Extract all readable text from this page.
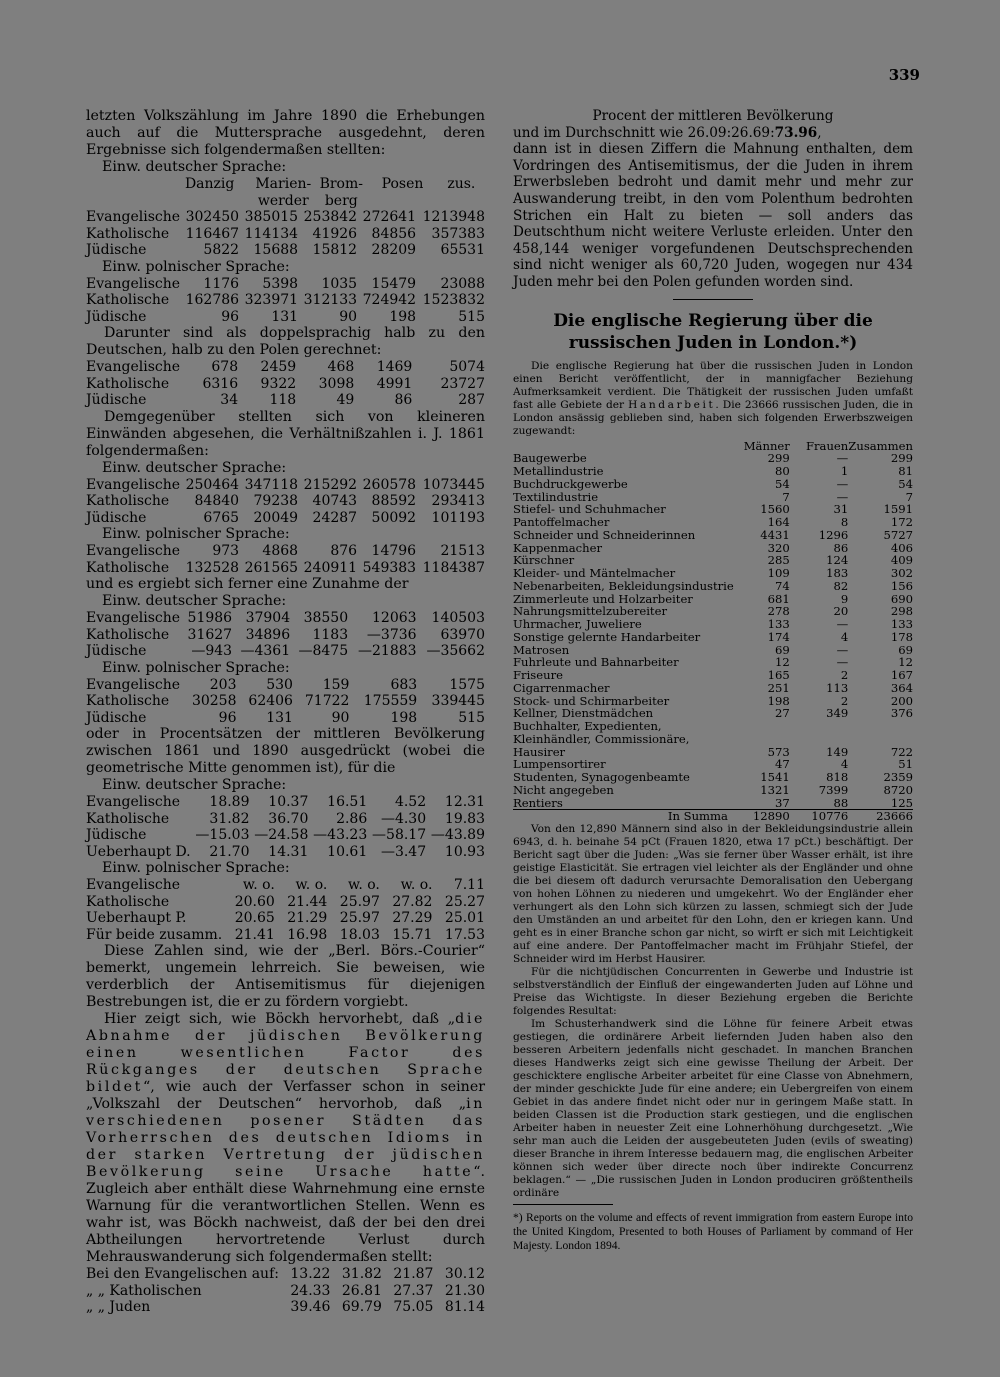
339

letzten Volkszählung im Jahre 1890 die Erhebungen auch auf die Muttersprache ausgedehnt, deren Ergebnisse sich folgendermaßen stellten:

Einw. deutscher Sprache:

	Danzig	Marien-werder	Brom-berg	Posen	zus.
Evangelische	302450	385015	253842	272641	1213948
Katholische	116467	114134	41926	84856	357383
Jüdische	5822	15688	15812	28209	65531

Einw. polnischer Sprache:

Evangelische	1176	5398	1035	15479	23088
Katholische	162786	323971	312133	724942	1523832
Jüdische	96	131	90	198	515

Darunter sind als doppelsprachig halb zu den Deutschen, halb zu den Polen gerechnet:

Evangelische	678	2459	468	1469	5074
Katholische	6316	9322	3098	4991	23727
Jüdische	34	118	49	86	287

Demgegenüber stellten sich von kleineren Einwänden abgesehen, die Verhältnißzahlen i. J. 1861 folgendermaßen:

Einw. deutscher Sprache:

Evangelische	250464	347118	215292	260578	1073445
Katholische	84840	79238	40743	88592	293413
Jüdische	6765	20049	24287	50092	101193

Einw. polnischer Sprache:

Evangelische	973	4868	876	14796	21513
Katholische	132528	261565	240911	549383	1184387

und es ergiebt sich ferner eine Zunahme der

Einw. deutscher Sprache:

Evangelische	51986	37904	38550	12063	140503
Katholische	31627	34896	1183	—3736	63970
Jüdische	—943	—4361	—8475	—21883	—35662

Einw. polnischer Sprache:

Evangelische	203	530	159	683	1575
Katholische	30258	62406	71722	175559	339445
Jüdische	96	131	90	198	515

oder in Procentsätzen der mittleren Bevölkerung zwischen 1861 und 1890 ausgedrückt (wobei die geometrische Mitte genommen ist), für die

Einw. deutscher Sprache:

Evangelische	18.89	10.37	16.51	4.52	12.31
Katholische	31.82	36.70	2.86	—4.30	19.83
Jüdische	—15.03	—24.58	—43.23	—58.17	—43.89
Ueberhaupt D.	21.70	14.31	10.61	—3.47	10.93

Einw. polnischer Sprache:

Evangelische	w. o.	w. o.	w. o.	w. o.	7.11
Katholische	20.60	21.44	25.97	27.82	25.27
Ueberhaupt P.	20.65	21.29	25.97	27.29	25.01
Für beide zusamm.	21.41	16.98	18.03	15.71	17.53

Diese Zahlen sind, wie der „Berl. Börs.-Courier“ bemerkt, ungemein lehrreich. Sie beweisen, wie verderblich der Antisemitismus für diejenigen Bestrebungen ist, die er zu fördern vorgiebt.

Hier zeigt sich, wie Böckh hervorhebt, daß „die Abnahme der jüdischen Bevölkerung einen wesentlichen Factor des Rückganges der deutschen Sprache bildet“, wie auch der Verfasser schon in seiner „Volkszahl der Deutschen“ hervorhob, daß „in verschiedenen posener Städten das Vorherrschen des deutschen Idioms in der starken Vertretung der jüdischen Bevölkerung seine Ursache hatte“. Zugleich aber enthält diese Wahrnehmung eine ernste Warnung für die verantwortlichen Stellen. Wenn es wahr ist, was Böckh nachweist, daß der bei den drei Abtheilungen hervortretende Verlust durch Mehrauswanderung sich folgendermaßen stellt:

Bei den Evangelischen auf:	13.22	31.82	21.87	30.12
„ „ Katholischen	24.33	26.81	27.37	21.30
„ „ Juden	39.46	69.79	75.05	81.14

Procent der mittleren Bevölkerung

und im Durchschnitt wie 26.09:26.69:73.96,

dann ist in diesen Ziffern die Mahnung enthalten, dem Vordringen des Antisemitismus, der die Juden in ihrem Erwerbsleben bedroht und damit mehr und mehr zur Auswanderung treibt, in den vom Polenthum bedrohten Strichen ein Halt zu bieten — soll anders das Deutschthum nicht weitere Verluste erleiden. Unter den 458,144 weniger vorgefundenen Deutschsprechenden sind nicht weniger als 60,720 Juden, wogegen nur 434 Juden mehr bei den Polen gefunden worden sind.

Die englische Regierung über die russischen Juden in London.*)

Die englische Regierung hat über die russischen Juden in London einen Bericht veröffentlicht, der in mannigfacher Beziehung Aufmerksamkeit verdient. Die Thätigkeit der russischen Juden umfaßt fast alle Gebiete der Handarbeit. Die 23666 russischen Juden, die in London ansässig geblieben sind, haben sich folgenden Erwerbszweigen zugewandt:

	Männer	Frauen	Zusammen
Baugewerbe	299	—	299
Metallindustrie	80	1	81
Buchdruckgewerbe	54	—	54
Textilindustrie	7	—	7
Stiefel- und Schuhmacher	1560	31	1591
Pantoffelmacher	164	8	172
Schneider und Schneiderinnen	4431	1296	5727
Kappenmacher	320	86	406
Kürschner	285	124	409
Kleider- und Mäntelmacher	109	183	302
Nebenarbeiten, Bekleidungsindustrie	74	82	156
Zimmerleute und Holzarbeiter	681	9	690
Nahrungsmittelzubereiter	278	20	298
Uhrmacher, Juweliere	133	—	133
Sonstige gelernte Handarbeiter	174	4	178
Matrosen	69	—	69
Fuhrleute und Bahnarbeiter	12	—	12
Friseure	165	2	167
Cigarrenmacher	251	113	364
Stock- und Schirmarbeiter	198	2	200
Kellner, Dienstmädchen	27	349	376
Buchhalter, Expedienten, Kleinhändler, Commissionäre, Hausirer	573	149	722
Lumpensortirer	47	4	51
Studenten, Synagogenbeamte	1541	818	2359
Nicht angegeben	1321	7399	8720
Rentiers	37	88	125
In Summa	12890	10776	23666

Von den 12,890 Männern sind also in der Bekleidungsindustrie allein 6943, d. h. beinahe 54 pCt (Frauen 1820, etwa 17 pCt.) beschäftigt. Der Bericht sagt über die Juden: „Was sie ferner über Wasser erhält, ist ihre geistige Elasticität. Sie ertragen viel leichter als der Engländer und ohne die bei diesem oft dadurch verursachte Demoralisation den Uebergang von hohen Löhnen zu niederen und umgekehrt. Wo der Engländer eher verhungert als den Lohn sich kürzen zu lassen, schmiegt sich der Jude den Umständen an und arbeitet für den Lohn, den er kriegen kann. Und geht es in einer Branche schon gar nicht, so wirft er sich mit Leichtigkeit auf eine andere. Der Pantoffelmacher macht im Frühjahr Stiefel, der Schneider wird im Herbst Hausirer.

Für die nichtjüdischen Concurrenten in Gewerbe und Industrie ist selbstverständlich der Einfluß der eingewanderten Juden auf Löhne und Preise das Wichtigste. In dieser Beziehung ergeben die Berichte folgendes Resultat:

Im Schusterhandwerk sind die Löhne für feinere Arbeit etwas gestiegen, die ordinärere Arbeit liefernden Juden haben also den besseren Arbeitern jedenfalls nicht geschadet. In manchen Branchen dieses Handwerks zeigt sich eine gewisse Theilung der Arbeit. Der geschicktere englische Arbeiter arbeitet für eine Classe von Abnehmern, der minder geschickte Jude für eine andere; ein Uebergreifen von einem Gebiet in das andere findet nicht oder nur in geringem Maße statt. In beiden Classen ist die Production stark gestiegen, und die englischen Arbeiter haben in neuester Zeit eine Lohnerhöhung durchgesetzt. „Wie sehr man auch die Leiden der ausgebeuteten Juden (evils of sweating) dieser Branche in ihrem Interesse bedauern mag, die englischen Arbeiter können sich weder über directe noch über indirekte Concurrenz beklagen.“ — „Die russischen Juden in London produciren größtentheils ordinäre

*) Reports on the volume and effects of revent immigration from eastern Europe into the United Kingdom, Presented to both Houses of Parliament by command of Her Majesty. London 1894.
